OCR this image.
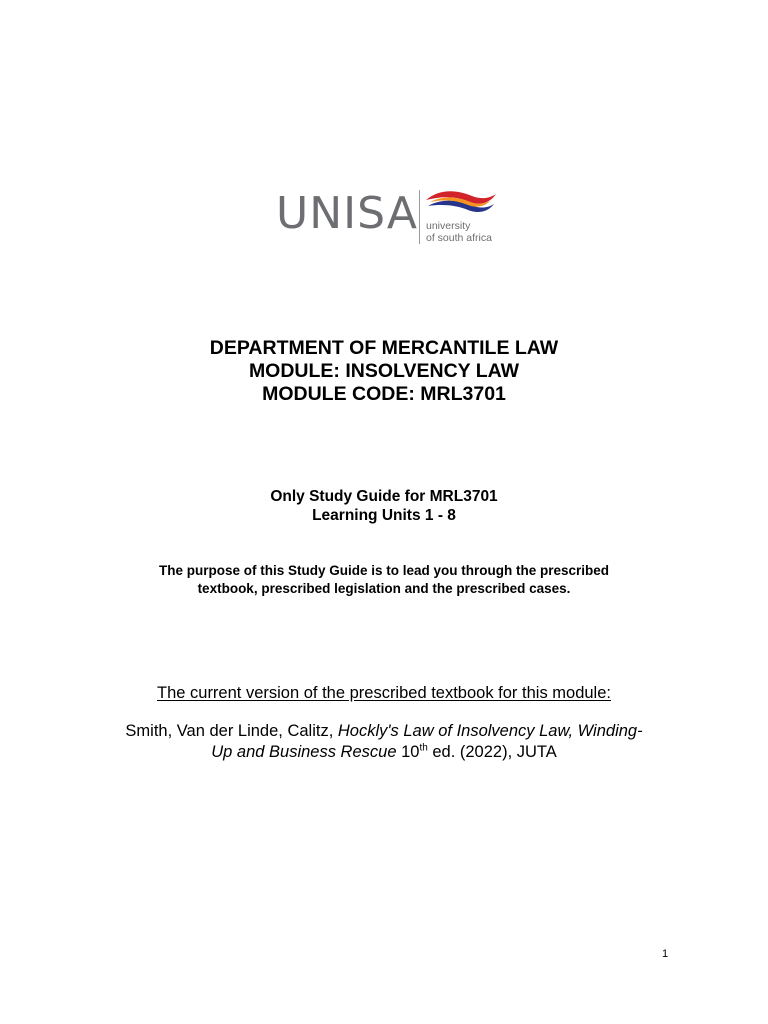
UNISA university
of south africa
DEPARTMENT OF MERCANTILE LAW
MODULE: INSOLVENCY LAW
MODULE CODE: MRL3701
Only Study Guide for MRL3701
Learning Units 1 - 8
The purpose of this Study Guide is to lead you through the prescribed
textbook, prescribed legislation and the prescribed cases.
The current version of the prescribed textbook for this module:
Smith, Van der Linde, Calitz, Hockly's Law of Insolvency Law, Winding-
Up and Business Rescue 10th ed. (2022), JUTA
1
